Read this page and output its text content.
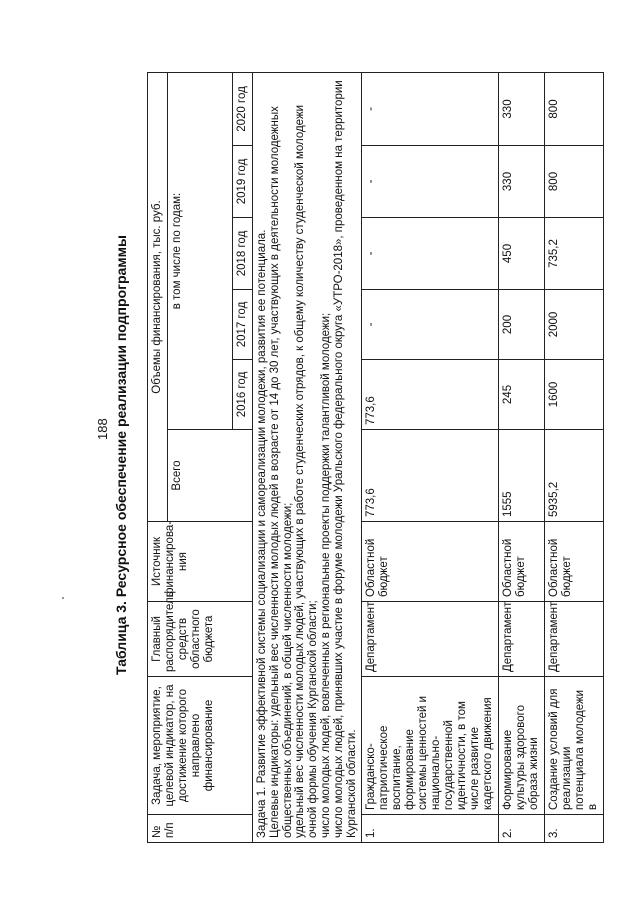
188 Таблица 3. Ресурсное обеспечение реализации подпрограммы
№ п/п	Задача, мероприятие, целевой индикатор, на достижение которого направлено финансирование	Главный распорядитель средств областного бюджета	Источник финансирова-ния	Объемы финансирования, тыс. руб.					
				Всего	в том числе по годам:				
					2016 год	2017 год	2018 год	2019 год	2020 год

Задача 1. Развитие эффективной системы социализации и самореализации молодежи, развития ее потенциала. Целевые индикаторы: удельный вес численности молодых людей в возрасте от 14 до 30 лет, участвующих в деятельности молодежных общественных объединений, в общей численности молодежи; удельный вес численности молодых людей, участвующих в работе студенческих отрядов, к общему количеству студенческой молодежи очной формы обучения Курганской области; число молодых людей, вовлеченных в региональные проекты поддержки талантливой молодежи; число молодых людей, принявших участие в форуме молодежи Уральского федерального округа «УТРО-2018», проведенном на территории Курганской области.									

1.	Гражданско-патриотическое воспитание, формирование системы ценностей и национально-государственной идентичности, в том числе развитие кадетского движения	Департамент	Областной бюджет	773,6	773,6	-	-	-	-
2.	Формирование культуры здорового образа жизни	Департамент	Областной бюджет	1555	245	200	450	330	330
3.	Создание условий для реализации потенциала молодежи в	Департамент	Областной бюджет	5935,2	1600	2000	735,2	800	800
